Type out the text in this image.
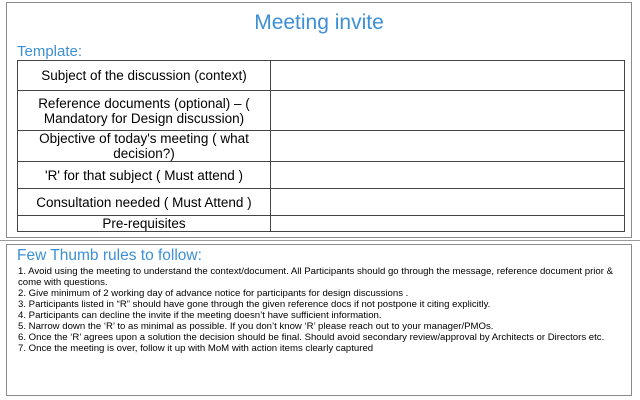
Meeting invite
Template:
Subject of the discussion (context)	
Reference documents (optional) – ( Mandatory for Design discussion)	
Objective of today's meeting ( what decision?)	
'R' for that subject ( Must attend )	
Consultation needed ( Must Attend )	
Pre-requisites	
Few Thumb rules to follow:
1. Avoid using the meeting to understand the context/document. All Participants should go through the message, reference document prior & come with questions.
2. Give minimum of 2 working day of advance notice for participants for design discussions .
3. Participants listed in “R” should have gone through the given reference docs if not postpone it citing explicitly.
4. Participants can decline the invite if the meeting doesn’t have sufficient information.
5. Narrow down the ‘R’ to as minimal as possible. If you don’t know ‘R’ please reach out to your manager/PMOs.
6. Once the ‘R’ agrees upon a solution the decision should be final. Should avoid secondary review/approval by Architects or Directors etc.
7. Once the meeting is over, follow it up with MoM with action items clearly captured
